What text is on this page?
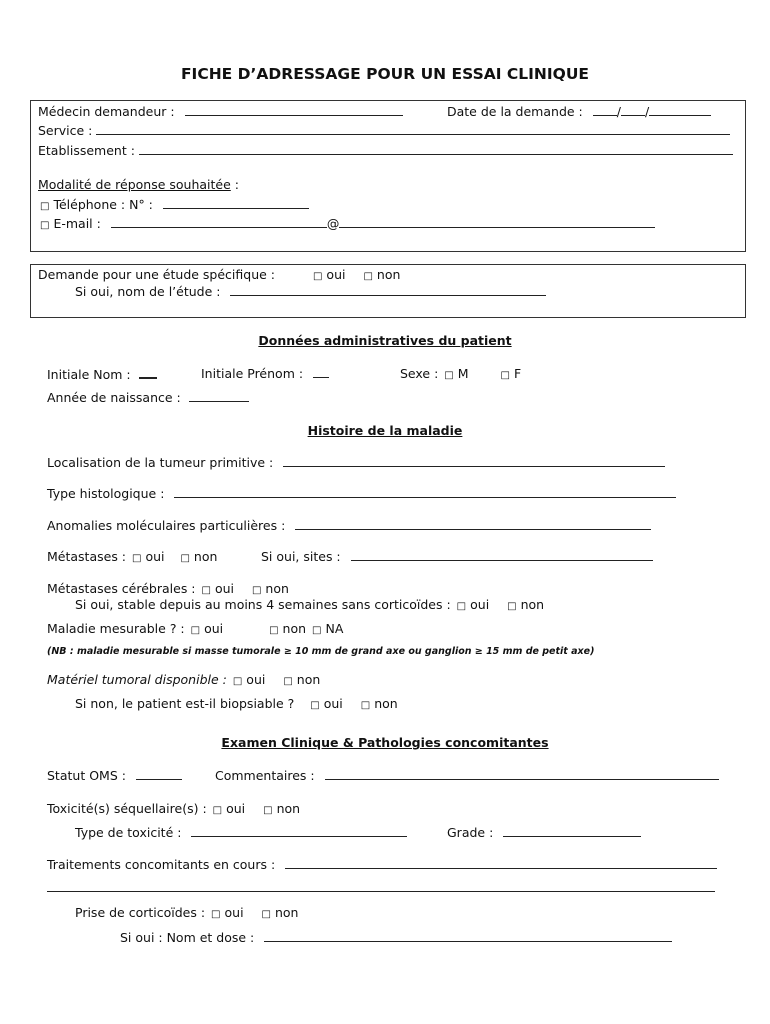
FICHE D’ADRESSAGE POUR UN ESSAI CLINIQUE
Médecin demandeur :	Date de la demande :	/ /
Service :
Etablissement :
Modalité de réponse souhaitée :
□ Téléphone : N° :
□ E-mail :	@
Demande pour une étude spécifique :	□ oui □ non
Si oui, nom de l’étude :
Données administratives du patient
Initiale Nom :	Initiale Prénom :	Sexe : □ M	□ F
Année de naissance :
Histoire de la maladie
Localisation de la tumeur primitive :
Type histologique :
Anomalies moléculaires particulières :
Métastases : □ oui □ non	Si oui, sites :
Métastases cérébrales : □ oui □ non
Si oui, stable depuis au moins 4 semaines sans corticoïdes : □ oui □ non
Maladie mesurable ? : □ oui	□ non □ NA
(NB : maladie mesurable si masse tumorale ≥ 10 mm de grand axe ou ganglion ≥ 15 mm de petit axe)
Matériel tumoral disponible : □ oui □ non
Si non, le patient est-il biopsiable ? □ oui □ non
Examen Clinique & Pathologies concomitantes
Statut OMS :	Commentaires :
Toxicité(s) séquellaire(s) : □ oui □ non
Type de toxicité :	Grade :
Traitements concomitants en cours :
Prise de corticoïdes : □ oui □ non
Si oui : Nom et dose :
